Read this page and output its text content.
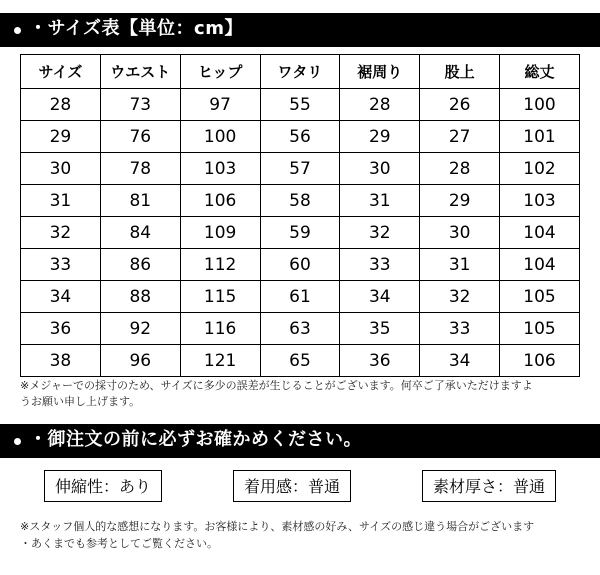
・サイズ表【単位：cm】
サイズ	ウエスト	ヒップ	ワタリ	裾周り	股上	総丈
28	73	97	55	28	26	100
29	76	100	56	29	27	101
30	78	103	57	30	28	102
31	81	106	58	31	29	103
32	84	109	59	32	30	104
33	86	112	60	33	31	104
34	88	115	61	34	32	105
36	92	116	63	35	33	105
38	96	121	65	36	34	106
※メジャーでの採寸のため、サイズに多少の誤差が生じることがございます。何卒ご了承いただけますよ
うお願い申し上げます。
・御注文の前に必ずお確かめください。
伸縮性：あり	着用感：普通	素材厚さ：普通
※スタッフ個人的な感想になります。お客様により、素材感の好み、サイズの感じ違う場合がございます
・あくまでも参考としてご覧ください。
